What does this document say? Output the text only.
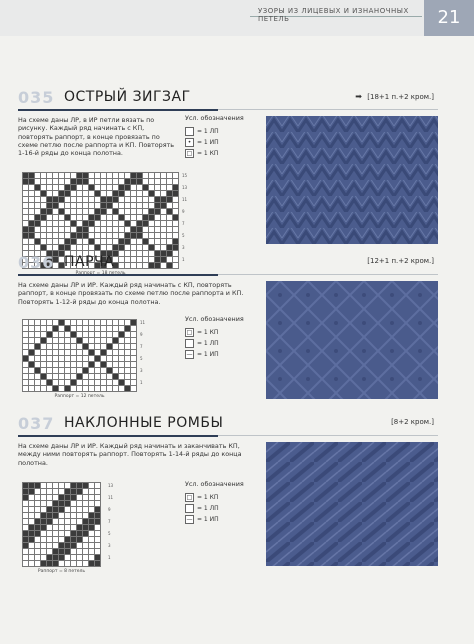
УЗОРЫ ИЗ ЛИЦЕВЫХ И ИЗНАНОЧНЫХ ПЕТЕЛЬ	21
035 ОСТРЫЙ ЗИГЗАГ	➡ [18+1 п.+2 кром.]
На схеме даны ЛР, в ИР петли вязать по рисунку. Каждый ряд начинать с КП, повторять раппорт, в конце провязать по схеме петлю после раппорта и КП. Повторять 1-16-й ряды до конца полотна.
Усл. обозначения
= 1 ЛП
• = 1 ИП
□ = 1 КП
15
13
11
9
7
5
3
1
036 ПАРЧА	[12+1 п.+2 кром.]
На схеме даны ЛР и ИР. Каждый ряд начинать с КП, повторять раппорт, в конце провязать по схеме петлю после раппорта и КП. Повторять 1-12-й ряды до конца полотна.
Усл. обозначения
□ = 1 КП
= 1 ЛП
— = 1 ИП
11
9
7
5
3
1
Раппорт = 12 петель
037 НАКЛОННЫЕ РОМБЫ	[8+2 кром.]
На схеме даны ЛР и ИР. Каждый ряд начинать и заканчивать КП, между ними повторять раппорт. Повторять 1-14-й ряды до конца полотна.
Усл. обозначения
□ = 1 КП
= 1 ЛП
— = 1 ИП
13
11
9
7
5
3
1
Раппорт = 8 петель
